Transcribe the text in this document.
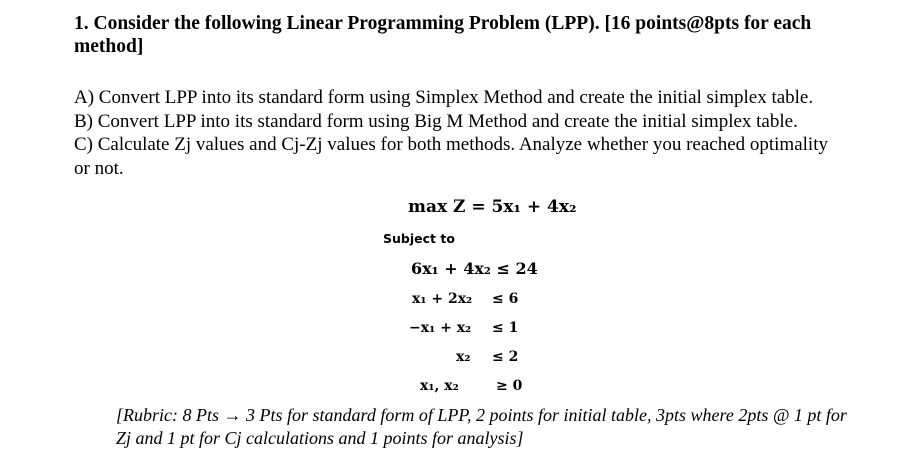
1. Consider the following Linear Programming Problem (LPP). [16 points@8pts for each
method]
A) Convert LPP into its standard form using Simplex Method and create the initial simplex table.
B) Convert LPP into its standard form using Big M Method and create the initial simplex table.
C) Calculate Zj values and Cj-Zj values for both methods. Analyze whether you reached optimality
or not.
max Z = 5x₁ + 4x₂
Subject to
6x₁ + 4x₂ ≤ 24
x₁ + 2x₂ ≤ 6
−x₁ + x₂ ≤ 1
x₂ ≤ 2
x₁, x₂	≥ 0
[Rubric: 8 Pts → 3 Pts for standard form of LPP, 2 points for initial table, 3pts where 2pts @ 1 pt for
Zj and 1 pt for Cj calculations and 1 points for analysis]
